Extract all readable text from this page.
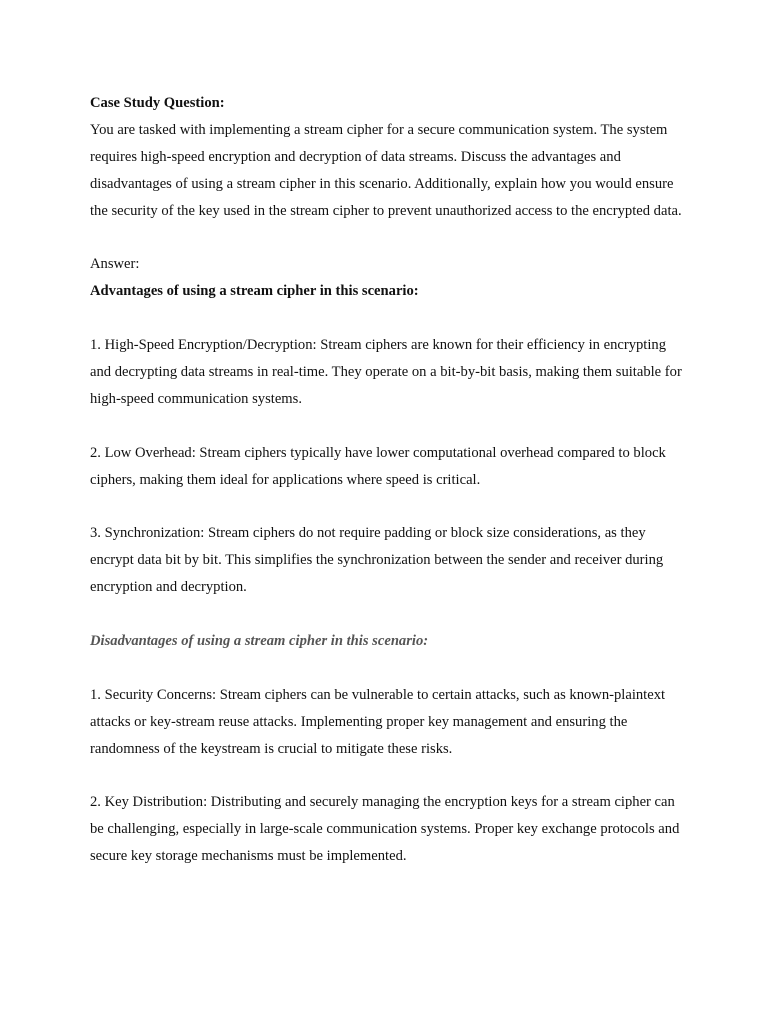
Case Study Question:

You are tasked with implementing a stream cipher for a secure communication system. The system requires high-speed encryption and decryption of data streams. Discuss the advantages and disadvantages of using a stream cipher in this scenario. Additionally, explain how you would ensure the security of the key used in the stream cipher to prevent unauthorized access to the encrypted data.

Answer:

Advantages of using a stream cipher in this scenario:

1. High-Speed Encryption/Decryption: Stream ciphers are known for their efficiency in encrypting and decrypting data streams in real-time. They operate on a bit-by-bit basis, making them suitable for high-speed communication systems.

2. Low Overhead: Stream ciphers typically have lower computational overhead compared to block ciphers, making them ideal for applications where speed is critical.

3. Synchronization: Stream ciphers do not require padding or block size considerations, as they encrypt data bit by bit. This simplifies the synchronization between the sender and receiver during encryption and decryption.

Disadvantages of using a stream cipher in this scenario:

1. Security Concerns: Stream ciphers can be vulnerable to certain attacks, such as known-plaintext attacks or key-stream reuse attacks. Implementing proper key management and ensuring the randomness of the keystream is crucial to mitigate these risks.

2. Key Distribution: Distributing and securely managing the encryption keys for a stream cipher can be challenging, especially in large-scale communication systems. Proper key exchange protocols and secure key storage mechanisms must be implemented.
